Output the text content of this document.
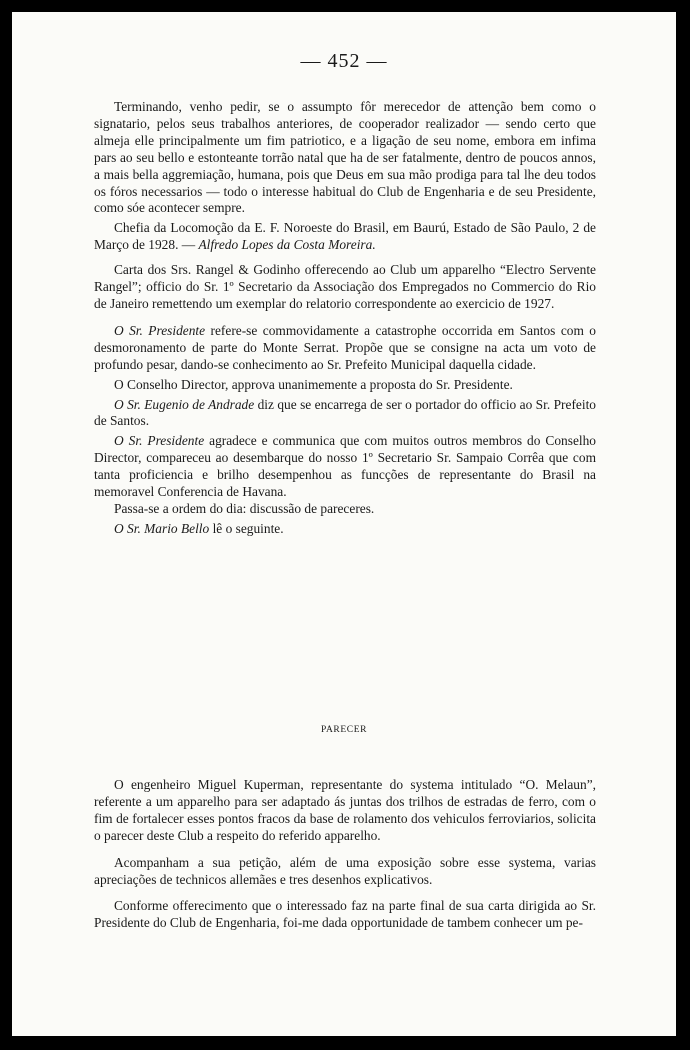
— 452 —

Terminando, venho pedir, se o assumpto fôr merecedor de attenção bem como o signatario, pelos seus trabalhos anteriores, de cooperador realizador — sendo certo que almeja elle principalmente um fim patriotico, e a ligação de seu nome, embora em infima pars ao seu bello e estonteante torrão natal que ha de ser fatalmente, dentro de poucos annos, a mais bella aggremiação, humana, pois que Deus em sua mão prodiga para tal lhe deu todos os fóros necessarios — todo o interesse habitual do Club de Engenharia e de seu Presidente, como sóe acontecer sempre.

Chefia da Locomoção da E. F. Noroeste do Brasil, em Baurú, Estado de São Paulo, 2 de Março de 1928. — Alfredo Lopes da Costa Moreira.

Carta dos Srs. Rangel & Godinho offerecendo ao Club um apparelho “Electro Servente Rangel”; officio do Sr. 1º Secretario da Associação dos Empregados no Commercio do Rio de Janeiro remettendo um exemplar do relatorio correspondente ao exercicio de 1927.

O Sr. Presidente refere-se commovidamente a catastrophe occorrida em Santos com o desmoronamento de parte do Monte Serrat. Propõe que se consigne na acta um voto de profundo pesar, dando-se conhecimento ao Sr. Prefeito Municipal daquella cidade.

O Conselho Director, approva unanimemente a proposta do Sr. Presidente.

O Sr. Eugenio de Andrade diz que se encarrega de ser o portador do officio ao Sr. Prefeito de Santos.

O Sr. Presidente agradece e communica que com muitos outros membros do Conselho Director, compareceu ao desembarque do nosso 1º Secretario Sr. Sampaio Corrêa que com tanta proficiencia e brilho desempenhou as funcções de representante do Brasil na memoravel Conferencia de Havana.

Passa-se a ordem do dia: discussão de pareceres.

O Sr. Mario Bello lê o seguinte.

PARECER

O engenheiro Miguel Kuperman, representante do systema intitulado “O. Melaun”, referente a um apparelho para ser adaptado ás juntas dos trilhos de estradas de ferro, com o fim de fortalecer esses pontos fracos da base de rolamento dos vehiculos ferroviarios, solicita o parecer deste Club a respeito do referido apparelho.

Acompanham a sua petição, além de uma exposição sobre esse systema, varias apreciações de technicos allemães e tres desenhos explicativos.

Conforme offerecimento que o interessado faz na parte final de sua carta dirigida ao Sr. Presidente do Club de Engenharia, foi-me dada opportunidade de tambem conhecer um pe-
